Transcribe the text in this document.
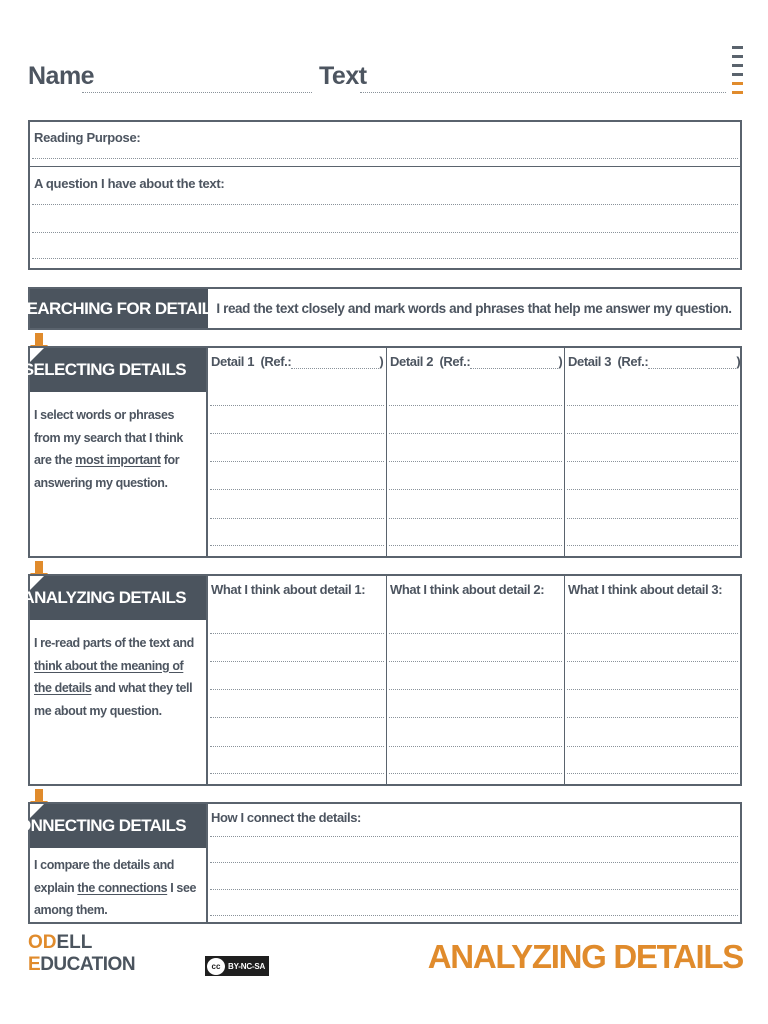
Name	Text
Reading Purpose:
A question I have about the text:
SEARCHING FOR DETAILS
I read the text closely and mark words and phrases that help me answer my question.
SELECTING DETAILS
I select words or phrases from my search that I think are the most important for answering my question.
Detail 1 (Ref.:	) Detail 2 (Ref.:	) Detail 3 (Ref.:	)
ANALYZING DETAILS
I re-read parts of the text and think about the meaning of the details and what they tell me about my question.
What I think about detail 1: What I think about detail 2: What I think about detail 3:
CONNECTING DETAILS
I compare the details and explain the connections I see among them.
How I connect the details:
ODELL
EDUCATION	cc BY-NC-SA	ANALYZING DETAILS
